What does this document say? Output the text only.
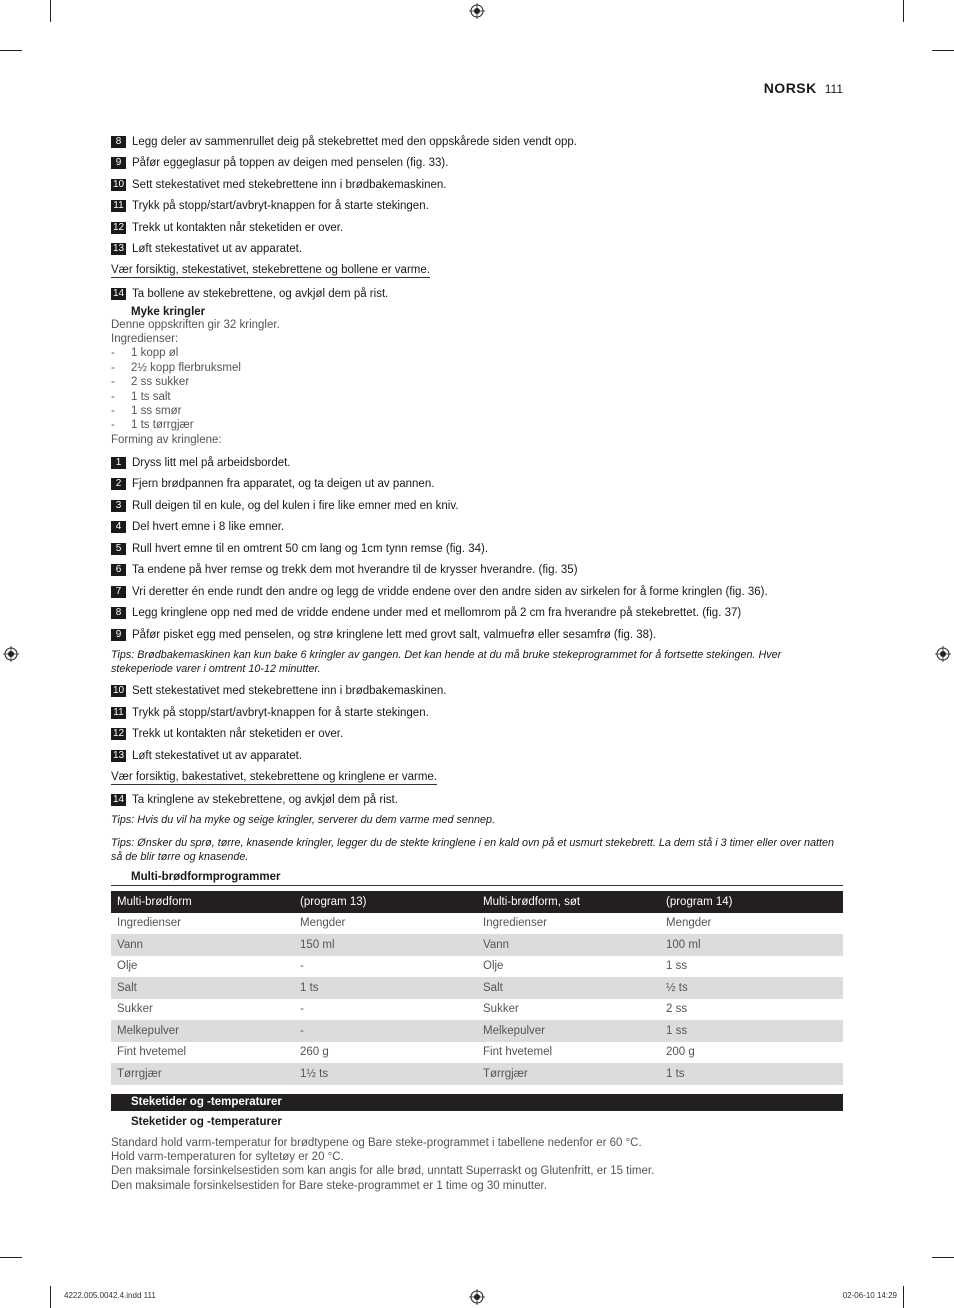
NORSK 111
8 Legg deler av sammenrullet deig på stekebrettet med den oppskårede siden vendt opp.
9 Påfør eggeglasur på toppen av deigen med penselen (fig. 33).
10 Sett stekestativet med stekebrettene inn i brødbakemaskinen.
11 Trykk på stopp/start/avbryt-knappen for å starte stekingen.
12 Trekk ut kontakten når steketiden er over.
13 Løft stekestativet ut av apparatet.
Vær forsiktig, stekestativet, stekebrettene og bollene er varme.
14 Ta bollene av stekebrettene, og avkjøl dem på rist.
Myke kringler
Denne oppskriften gir 32 kringler.
Ingredienser:
-	1 kopp øl
-	2½ kopp flerbruksmel
-	2 ss sukker
-	1 ts salt
-	1 ss smør
-	1 ts tørrgjær
Forming av kringlene:
1 Dryss litt mel på arbeidsbordet.
2 Fjern brødpannen fra apparatet, og ta deigen ut av pannen.
3 Rull deigen til en kule, og del kulen i fire like emner med en kniv.
4 Del hvert emne i 8 like emner.
5 Rull hvert emne til en omtrent 50 cm lang og 1cm tynn remse (fig. 34).
6 Ta endene på hver remse og trekk dem mot hverandre til de krysser hverandre. (fig. 35)
7 Vri deretter én ende rundt den andre og legg de vridde endene over den andre siden av sirkelen for å forme kringlen (fig. 36).
8 Legg kringlene opp ned med de vridde endene under med et mellomrom på 2 cm fra hverandre på stekebrettet. (fig. 37)
9 Påfør pisket egg med penselen, og strø kringlene lett med grovt salt, valmuefrø eller sesamfrø (fig. 38).
Tips: Brødbakemaskinen kan kun bake 6 kringler av gangen. Det kan hende at du må bruke stekeprogrammet for å fortsette stekingen. Hver stekeperiode varer i omtrent 10-12 minutter.
10 Sett stekestativet med stekebrettene inn i brødbakemaskinen.
11 Trykk på stopp/start/avbryt-knappen for å starte stekingen.
12 Trekk ut kontakten når steketiden er over.
13 Løft stekestativet ut av apparatet.
Vær forsiktig, bakestativet, stekebrettene og kringlene er varme.
14 Ta kringlene av stekebrettene, og avkjøl dem på rist.
Tips: Hvis du vil ha myke og seige kringler, serverer du dem varme med sennep.
Tips: Ønsker du sprø, tørre, knasende kringler, legger du de stekte kringlene i en kald ovn på et usmurt stekebrett. La dem stå i 3 timer eller over natten så de blir tørre og knasende.
Multi-brødformprogrammer
Multi-brødform	(program 13)	Multi-brødform, søt	(program 14)
Ingredienser	Mengder	Ingredienser	Mengder
Vann	150 ml	Vann	100 ml
Olje	-	Olje	1 ss
Salt	1 ts	Salt	½ ts
Sukker	-	Sukker	2 ss
Melkepulver	-	Melkepulver	1 ss
Fint hvetemel	260 g	Fint hvetemel	200 g
Tørrgjær	1½ ts	Tørrgjær	1 ts
Steketider og -temperaturer
Steketider og -temperaturer
Standard hold varm-temperatur for brødtypene og Bare steke-programmet i tabellene nedenfor er 60 °C.
Hold varm-temperaturen for syltetøy er 20 °C.
Den maksimale forsinkelsestiden som kan angis for alle brød, unntatt Superraskt og Glutenfritt, er 15 timer.
Den maksimale forsinkelsestiden for Bare steke-programmet er 1 time og 30 minutter.
4222.005.0042.4.indd 111	02-06-10 14:29
